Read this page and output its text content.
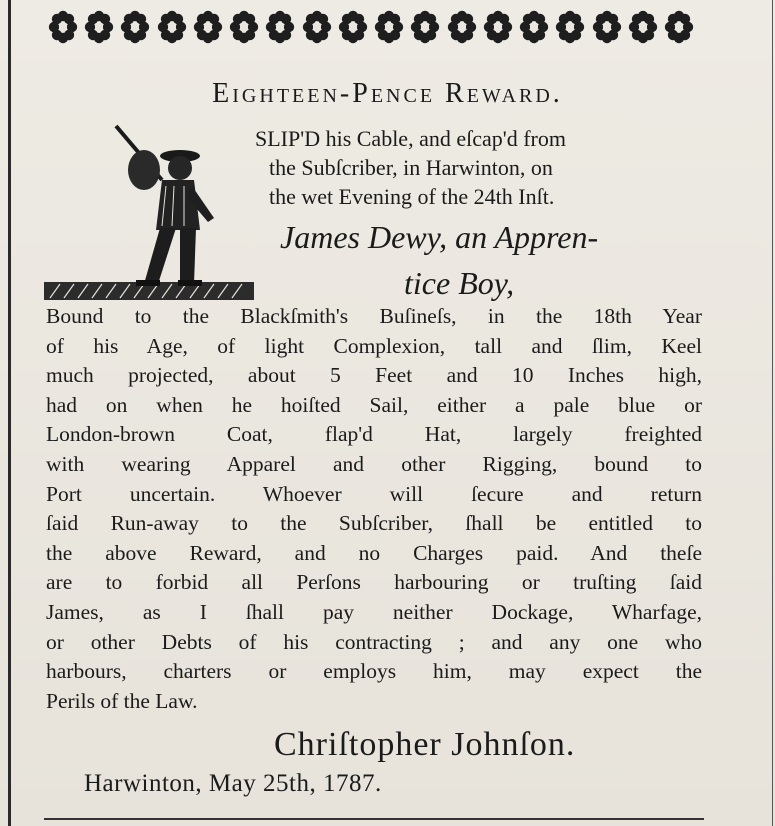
Eighteen-Pence Reward.
SLIP'D his Cable, and eſcap'd from
the Subſcriber, in Harwinton, on
the wet Evening of the 24th Inſt.
James Dewy, an Appren-
tice Boy,
Bound to the Blackſmith's Buſineſs, in the 18th Year
of his Age, of light Complexion, tall and ſlim, Keel
much projected, about 5 Feet and 10 Inches high,
had on when he hoiſted Sail, either a pale blue or
London-brown Coat, flap'd Hat, largely freighted
with wearing Apparel and other Rigging, bound to
Port uncertain. Whoever will ſecure and return
ſaid Run-away to the Subſcriber, ſhall be entitled to
the above Reward, and no Charges paid. And theſe
are to forbid all Perſons harbouring or truſting ſaid
James, as I ſhall pay neither Dockage, Wharfage,
or other Debts of his contracting ; and any one who
harbours, charters or employs him, may expect the
Perils of the Law.
Chriſtopher Johnſon.
Harwinton, May 25th, 1787.
